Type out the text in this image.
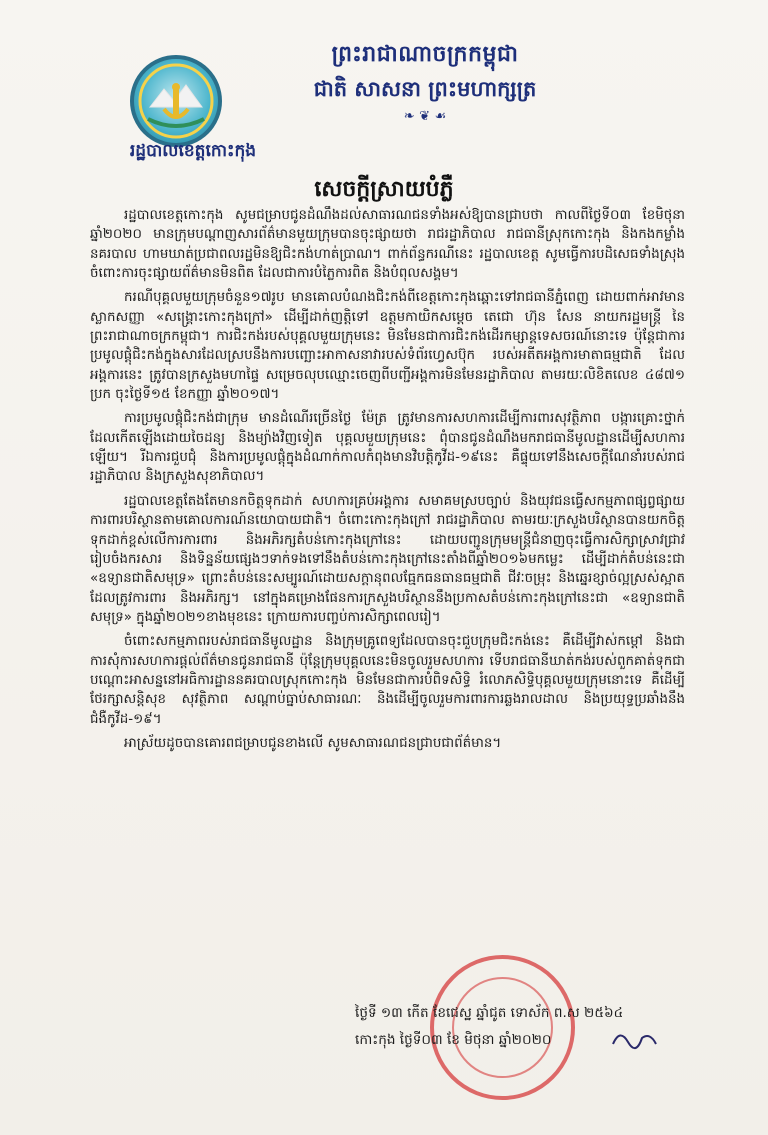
រដ្ឋបាលខេត្តកោះកុង
ព្រះរាជាណាចក្រកម្ពុជា
ជាតិ សាសនា ព្រះមហាក្សត្រ
❧ ❦ ☙
សេចក្តីស្រាយបំភ្លឺ

រដ្ឋបាលខេត្តកោះកុង សូមជម្រាបជូនដំណឹងដល់សាធារណជនទាំងអស់ឱ្យបានជ្រាបថា កាលពីថ្ងៃទី០៣ ខែមិថុនា ឆ្នាំ២០២០ មានក្រុមបណ្តាញសារព័ត៌មានមួយក្រុមបានចុះផ្សាយថា រាជរដ្ឋាភិបាល រាជធានីស្រុកកោះកុង និងកងកម្លាំងនគរបាល ហាមឃាត់ប្រជាពលរដ្ឋមិនឱ្យជិះកង់ហាត់ប្រាណ។ ពាក់ព័ន្ធករណីនេះ រដ្ឋបាលខេត្ត សូមធ្វើការបដិសេធទាំងស្រុងចំពោះការចុះផ្សាយព័ត៌មានមិនពិត ដែលជាការបំភ្លៃការពិត និងបំពុលសង្គម។

ករណីបុគ្គលមួយក្រុមចំនួន១៧រូប មានគោលបំណងជិះកង់ពីខេត្តកោះកុងឆ្ពោះទៅរាជធានីភ្នំពេញ ដោយពាក់អាវមានស្លាកសញ្ញា «សង្គ្រោះកោះកុងក្រៅ» ដើម្បីដាក់ញត្តិទៅ ឧត្តមកាយិកសម្តេច តេជោ ហ៊ុន សែន នាយករដ្ឋមន្ត្រី នៃព្រះរាជាណាចក្រកម្ពុជា។ ការជិះកង់របស់បុគ្គលមួយក្រុមនេះ មិនមែនជាការជិះកង់ដើរកម្សាន្តទេសចរណ៍នោះទេ ប៉ុន្តែជាការប្រមូលផ្តុំជិះកង់ក្នុងសារដែលស្របនឹងការបញ្ឆោះអាកាសនាវារបស់ទំព័រហ្វេសប៊ុក របស់អតីតអង្គការមាតាធម្មជាតិ ដែលអង្គការនេះ ត្រូវបានក្រសួងមហាផ្ទៃ សម្រេចលុបឈ្មោះចេញពីបញ្ជីអង្គការមិនមែនរដ្ឋាភិបាល តាមរយៈលិខិតលេខ ៤៨៧១ ប្រក ចុះថ្ងៃទី១៥ ខែកញ្ញា ឆ្នាំ២០១៧។

ការប្រមូលផ្តុំជិះកង់ជាក្រុម មានដំណើរច្រើនថ្ងៃ ម៉ែត្រ ត្រូវមានការសហការដើម្បីការពារសុវត្ថិភាព បង្ការគ្រោះថ្នាក់ដែលកើតឡើងដោយចៃដន្យ និងម្យ៉ាងវិញទៀត បុគ្គលមួយក្រុមនេះ ពុំបានជូនដំណឹងមករាជធានីមូលដ្ឋានដើម្បីសហការឡើយ។ រីឯការជួបជុំ និងការប្រមូលផ្តុំក្នុងដំណាក់កាលកំពុងមានវិបត្តិកូវីដ-១៩នេះ គឺផ្ទុយទៅនឹងសេចក្តីណែនាំរបស់រាជរដ្ឋាភិបាល និងក្រសួងសុខាភិបាល។

រដ្ឋបាលខេត្តតែងតែមានកចិត្តទុកដាក់ សហការគ្រប់អង្គការ សមាគមស្របច្បាប់ និងយុវជនធ្វើសកម្មភាពផ្សព្វផ្សាយការពារបរិស្ថានតាមគោលការណ៍នយោបាយជាតិ។ ចំពោះកោះកុងក្រៅ រាជរដ្ឋាភិបាល តាមរយៈក្រសួងបរិស្ថានបានយកចិត្តទុកដាក់ខ្ពស់លើការការពារ និងអភិរក្សតំបន់កោះកុងក្រៅនេះ ដោយបញ្ជូនក្រុមមន្ត្រីជំនាញចុះធ្វើការសិក្សាស្រាវជ្រាវរៀបចំងករសារ និងទិន្នន័យផ្សេងៗទាក់ទងទៅនឹងតំបន់កោះកុងក្រៅនេះតាំងពីឆ្នាំ២០១៦មកម្លេះ ដើម្បីដាក់តំបន់នេះជា «ឧទ្យានជាតិសមុទ្រ» ព្រោះតំបន់នេះសម្បូរណ៍ដោយសក្តានុពលធ្មែកធនធានធម្មជាតិ ជីវៈចម្រុះ និងឆ្នេរខ្សាច់ល្អស្រស់ស្អាត ដែលត្រូវការពារ និងអភិរក្ស។ នៅក្នុងគម្រោងផែនការក្រសួងបរិស្ថាននឹងប្រកាសតំបន់កោះកុងក្រៅនេះជា «ឧទ្យានជាតិសមុទ្រ» ក្នុងឆ្នាំ២០២១ខាងមុខនេះ ក្រោយការបញ្ចប់ការសិក្សាពេលរៀ។

ចំពោះសកម្មភាពរបស់រាជធានីមូលដ្ឋាន និងក្រុមគ្រូពេទ្យដែលបានចុះជួបក្រុមជិះកង់នេះ គឺដើម្បីវាស់កម្តៅ និងជាការសុំការសហការផ្តល់ព័ត៌មានជូនរាជធានី ប៉ុន្តែក្រុមបុគ្គលនេះមិនចូលរួមសហការ ទើបរាជធានីឃាត់កង់របស់ពួកគាត់ទុកជាបណ្តោះអាសន្ននៅអធិការដ្ឋាននគរបាលស្រុកកោះកុង មិនមែនជាការបំពិទសិទ្ធិ រំលោភសិទ្ធិបុគ្គលមួយក្រុមនោះទេ គឺដើម្បីថែរក្សាសន្តិសុខ សុវត្ថិភាព សណ្តាប់ធ្នាប់សាធារណៈ និងដើម្បីចូលរួមការពារការឆ្លងរាលដាល និងប្រយុទ្ធប្រឆាំងនឹងជំងឺកូវីដ-១៩។

អាស្រ័យដូចបានគោរពជម្រាបជូនខាងលើ សូមសាធារណជនជ្រាបជាព័ត៌មាន។

ថ្ងៃទី ១៣ កើត ខែជេស្ឋ ឆ្នាំជូត ទោស័ក ព.ស ២៥៦៤
កោះកុង ថ្ងៃទី០៣ ខែ មិថុនា ឆ្នាំ២០២០
